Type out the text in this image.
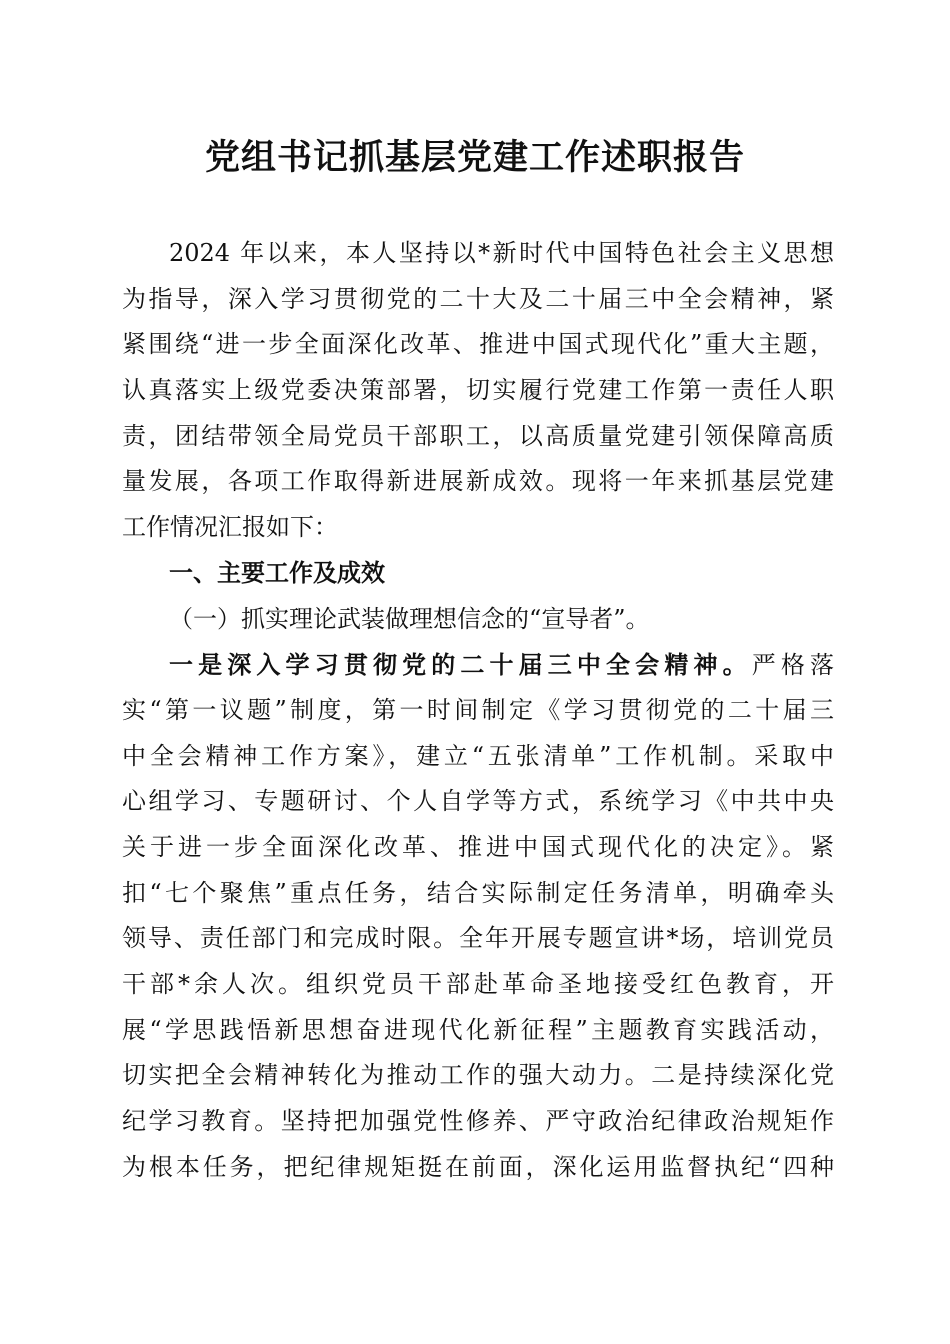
党组书记抓基层党建工作述职报告
2024 年以来，本人坚持以*新时代中国特色社会主义思想
为指导，深入学习贯彻党的二十大及二十届三中全会精神，紧
紧围绕“进一步全面深化改革、推进中国式现代化”重大主题，
认真落实上级党委决策部署，切实履行党建工作第一责任人职
责，团结带领全局党员干部职工，以高质量党建引领保障高质
量发展，各项工作取得新进展新成效。现将一年来抓基层党建
工作情况汇报如下：
一、主要工作及成效
（一）抓实理论武装做理想信念的“宣导者”。
一是深入学习贯彻党的二十届三中全会精神。严格落
实“第一议题”制度，第一时间制定《学习贯彻党的二十届三
中全会精神工作方案》，建立“五张清单”工作机制。采取中
心组学习、专题研讨、个人自学等方式，系统学习《中共中央
关于进一步全面深化改革、推进中国式现代化的决定》。紧
扣“七个聚焦”重点任务，结合实际制定任务清单，明确牵头
领导、责任部门和完成时限。全年开展专题宣讲*场，培训党员
干部*余人次。组织党员干部赴革命圣地接受红色教育，开
展“学思践悟新思想奋进现代化新征程”主题教育实践活动，
切实把全会精神转化为推动工作的强大动力。二是持续深化党
纪学习教育。坚持把加强党性修养、严守政治纪律政治规矩作
为根本任务，把纪律规矩挺在前面，深化运用监督执纪“四种
